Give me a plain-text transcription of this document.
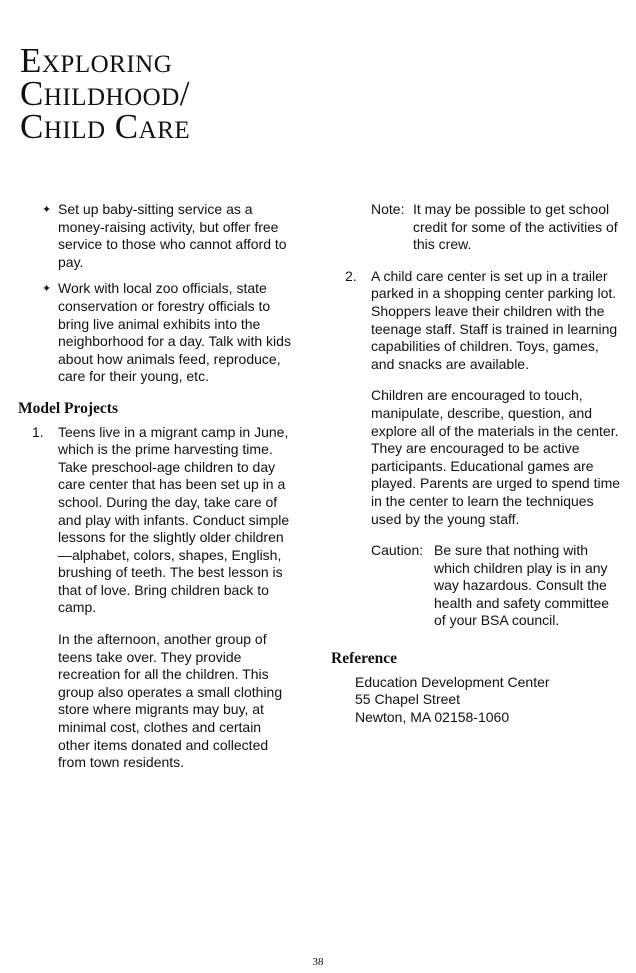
Exploring
Childhood/
Child Care
✦ Set up baby-sitting service as a money-raising activity, but offer free service to those who cannot afford to pay.
✦ Work with local zoo officials, state conservation or forestry officials to bring live animal exhibits into the neighborhood for a day. Talk with kids about how animals feed, reproduce, care for their young, etc.
Model Projects
1. Teens live in a migrant camp in June, which is the prime harvesting time. Take preschool-age children to day care center that has been set up in a school. During the day, take care of and play with infants. Conduct simple lessons for the slightly older children—alphabet, colors, shapes, English, brushing of teeth. The best lesson is that of love. Bring children back to camp.

In the afternoon, another group of teens take over. They provide recreation for all the children. This group also operates a small clothing store where migrants may buy, at minimal cost, clothes and certain other items donated and collected from town residents.

Note: It may be possible to get school credit for some of the activities of this crew.
2. A child care center is set up in a trailer parked in a shopping center parking lot. Shoppers leave their children with the teenage staff. Staff is trained in learning capabilities of children. Toys, games, and snacks are available.

Children are encouraged to touch, manipulate, describe, question, and explore all of the materials in the center. They are encouraged to be active participants. Educational games are played. Parents are urged to spend time in the center to learn the techniques used by the young staff.

Caution: Be sure that nothing with which children play is in any way hazardous. Consult the health and safety committee of your BSA council.
Reference
Education Development Center
55 Chapel Street
Newton, MA 02158-1060
38
